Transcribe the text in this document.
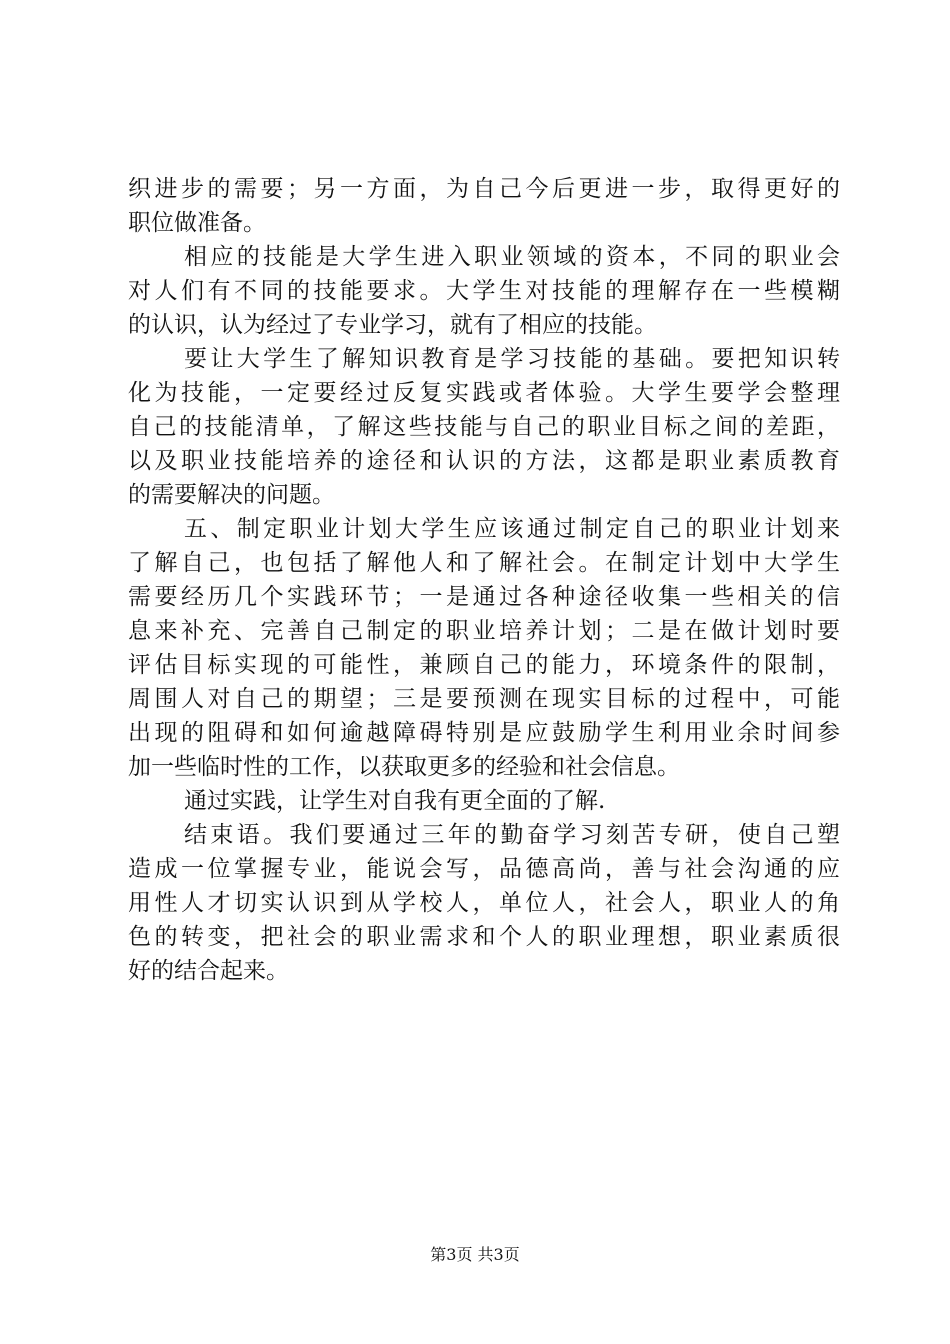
织进步的需要；另一方面，为自己今后更进一步，取得更好的
职位做准备。
相应的技能是大学生进入职业领域的资本，不同的职业会
对人们有不同的技能要求。大学生对技能的理解存在一些模糊
的认识，认为经过了专业学习，就有了相应的技能。
要让大学生了解知识教育是学习技能的基础。要把知识转
化为技能，一定要经过反复实践或者体验。大学生要学会整理
自己的技能清单，了解这些技能与自己的职业目标之间的差距，
以及职业技能培养的途径和认识的方法，这都是职业素质教育
的需要解决的问题。
五、制定职业计划大学生应该通过制定自己的职业计划来
了解自己，也包括了解他人和了解社会。在制定计划中大学生
需要经历几个实践环节；一是通过各种途径收集一些相关的信
息来补充、完善自己制定的职业培养计划；二是在做计划时要
评估目标实现的可能性，兼顾自己的能力，环境条件的限制，
周围人对自己的期望；三是要预测在现实目标的过程中，可能
出现的阻碍和如何逾越障碍特别是应鼓励学生利用业余时间参
加一些临时性的工作，以获取更多的经验和社会信息。
通过实践，让学生对自我有更全面的了解.
结束语。我们要通过三年的勤奋学习刻苦专研，使自己塑
造成一位掌握专业，能说会写，品德高尚，善与社会沟通的应
用性人才切实认识到从学校人，单位人，社会人，职业人的角
色的转变，把社会的职业需求和个人的职业理想，职业素质很
好的结合起来。
第3页 共3页
